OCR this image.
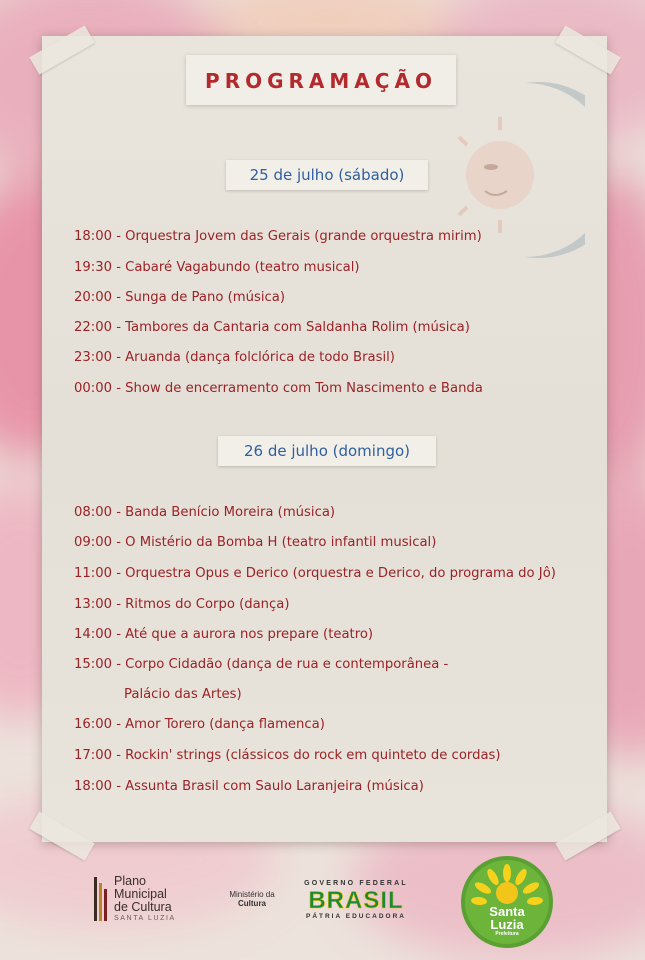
PROGRAMAÇÃO
25 de julho (sábado)
18:00 - Orquestra Jovem das Gerais (grande orquestra mirim)
19:30 - Cabaré Vagabundo (teatro musical)
20:00 - Sunga de Pano (música)
22:00 - Tambores da Cantaria com Saldanha Rolim (música)
23:00 - Aruanda (dança folclórica de todo Brasil)
00:00 - Show de encerramento com Tom Nascimento e Banda
26 de julho (domingo)
08:00 - Banda Benício Moreira (música)
09:00 - O Mistério da Bomba H (teatro infantil musical)
11:00 - Orquestra Opus e Derico (orquestra e Derico, do programa do Jô)
13:00 - Ritmos do Corpo (dança)
14:00 - Até que a aurora nos prepare (teatro)
15:00 - Corpo Cidadão (dança de rua e contemporânea -
Palácio das Artes)
16:00 - Amor Torero (dança flamenca)
17:00 - Rockin' strings (clássicos do rock em quinteto de cordas)
18:00 - Assunta Brasil com Saulo Laranjeira (música)
Plano
Municipal
de Cultura
SANTA LUZIA
Ministério da
Cultura
GOVERNO FEDERAL
BRASIL
PÁTRIA EDUCADORA	Santa
Luzia
Prefeitura
